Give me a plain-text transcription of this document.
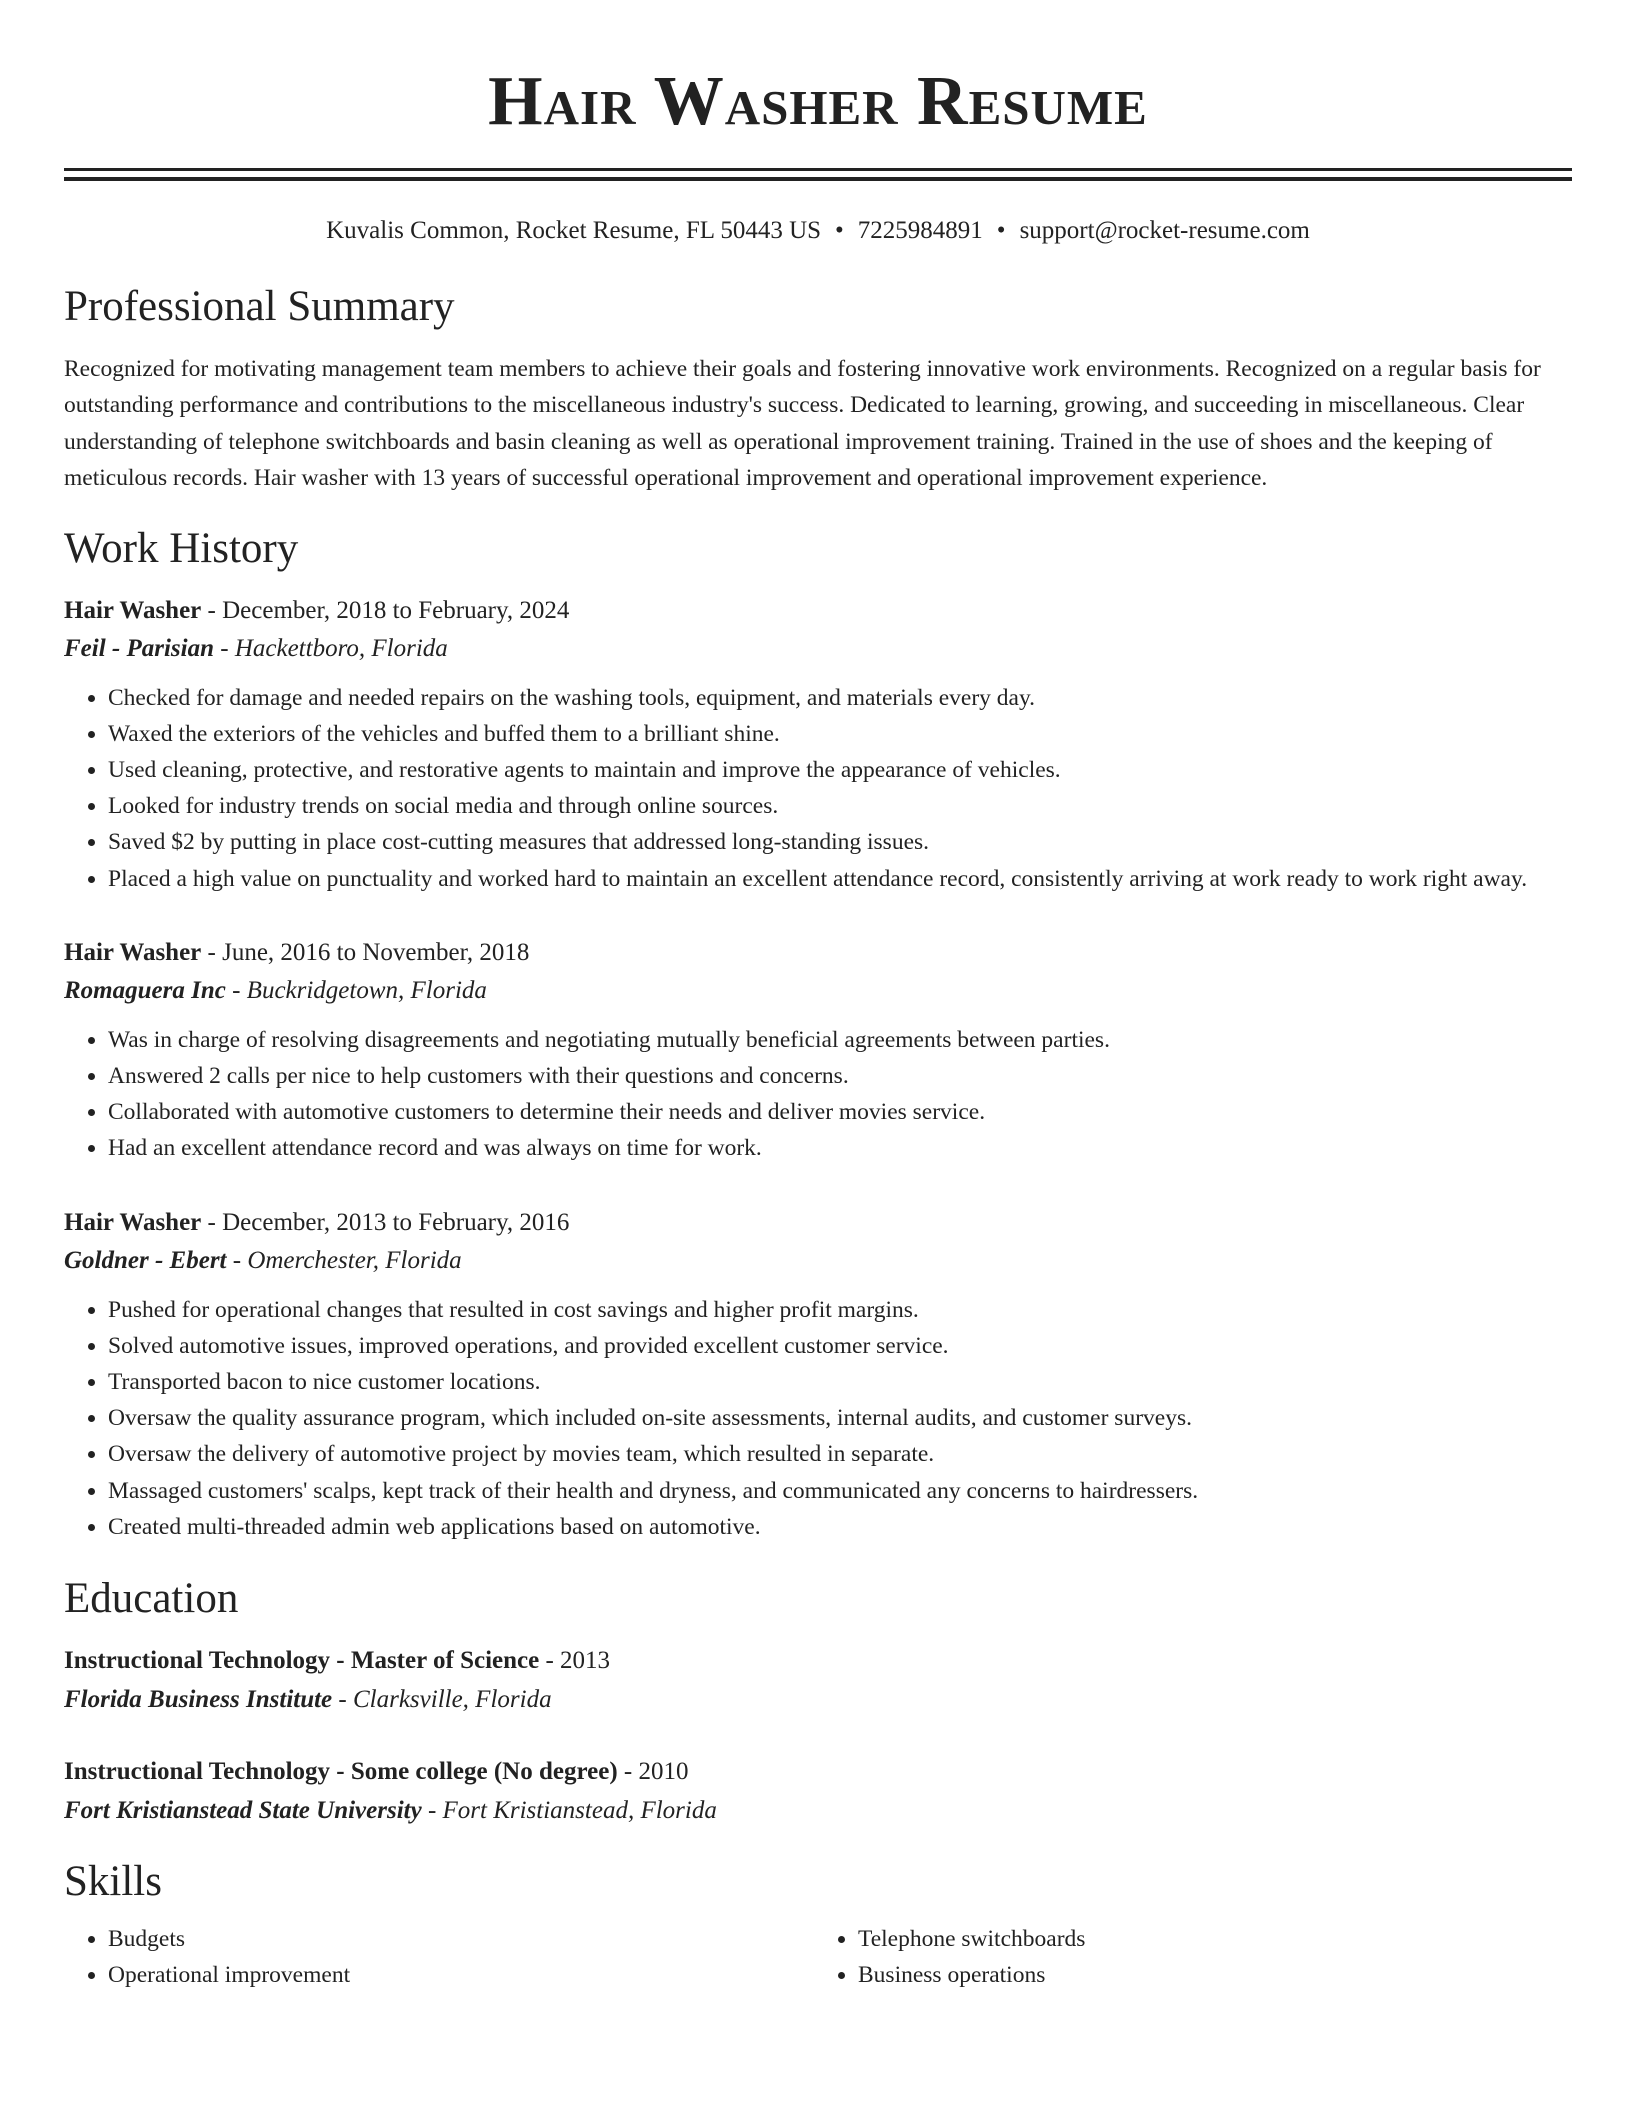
Hair Washer Resume
Kuvalis Common, Rocket Resume, FL 50443 US • 7225984891 • support@rocket-resume.com
Professional Summary
Recognized for motivating management team members to achieve their goals and fostering innovative work environments. Recognized on a regular basis for outstanding performance and contributions to the miscellaneous industry's success. Dedicated to learning, growing, and succeeding in miscellaneous. Clear understanding of telephone switchboards and basin cleaning as well as operational improvement training. Trained in the use of shoes and the keeping of meticulous records. Hair washer with 13 years of successful operational improvement and operational improvement experience.
Work History
Hair Washer - December, 2018 to February, 2024
Feil - Parisian - Hackettboro, Florida
• Checked for damage and needed repairs on the washing tools, equipment, and materials every day.
• Waxed the exteriors of the vehicles and buffed them to a brilliant shine.
• Used cleaning, protective, and restorative agents to maintain and improve the appearance of vehicles.
• Looked for industry trends on social media and through online sources.
• Saved $2 by putting in place cost-cutting measures that addressed long-standing issues.
• Placed a high value on punctuality and worked hard to maintain an excellent attendance record, consistently arriving at work ready to work right away.
Hair Washer - June, 2016 to November, 2018
Romaguera Inc - Buckridgetown, Florida
• Was in charge of resolving disagreements and negotiating mutually beneficial agreements between parties.
• Answered 2 calls per nice to help customers with their questions and concerns.
• Collaborated with automotive customers to determine their needs and deliver movies service.
• Had an excellent attendance record and was always on time for work.
Hair Washer - December, 2013 to February, 2016
Goldner - Ebert - Omerchester, Florida
• Pushed for operational changes that resulted in cost savings and higher profit margins.
• Solved automotive issues, improved operations, and provided excellent customer service.
• Transported bacon to nice customer locations.
• Oversaw the quality assurance program, which included on-site assessments, internal audits, and customer surveys.
• Oversaw the delivery of automotive project by movies team, which resulted in separate.
• Massaged customers' scalps, kept track of their health and dryness, and communicated any concerns to hairdressers.
• Created multi-threaded admin web applications based on automotive.
Education
Instructional Technology - Master of Science - 2013
Florida Business Institute - Clarksville, Florida
Instructional Technology - Some college (No degree) - 2010
Fort Kristianstead State University - Fort Kristianstead, Florida
Skills
• Budgets
• Operational improvement
• Telephone switchboards
• Business operations
